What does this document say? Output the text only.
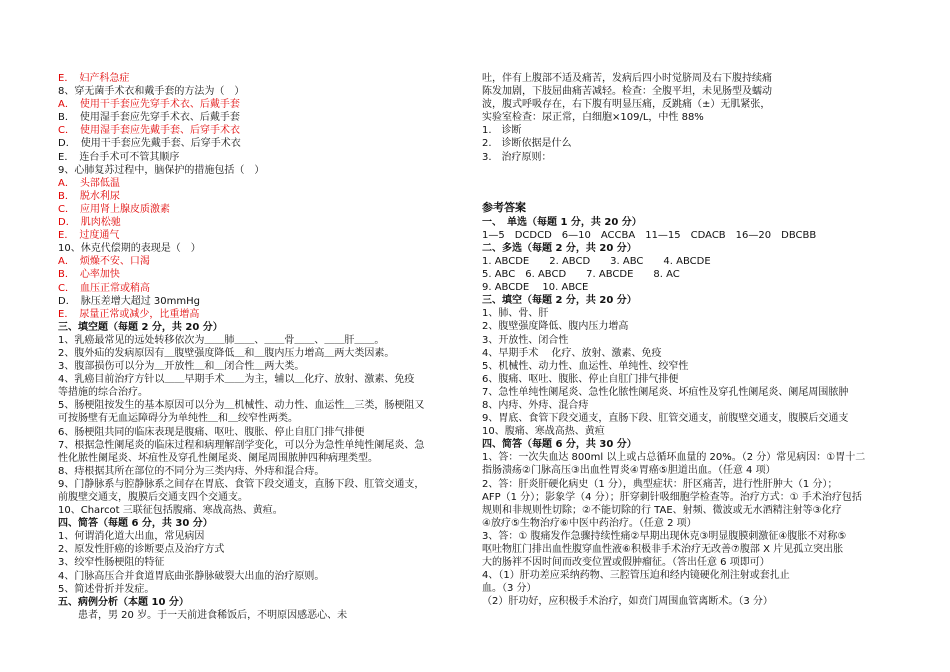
E．　妇产科急症
8、穿无菌手术衣和戴手套的方法为（　）
A．　使用干手套应先穿手术衣、后戴手套
B．　使用湿手套应先穿手术衣、后戴手套
C．　使用湿手套应先戴手套、后穿手术衣
D．　使用干手套应先戴手套、后穿手术衣
E．　连台手术可不管其顺序
9、心肺复苏过程中，脑保护的措施包括（　）
A．　头部低温
B．　脱水利尿
C．　应用肾上腺皮质激素
D．　肌肉松驰
E．　过度通气
10、休克代偿期的表现是（　）
A．　烦燥不安、口渴
B．　心率加快
C．　血压正常或稍高
D．　脉压差增大超过 30mmHg
E．　尿量正常或减少，比重增高
三、填空题（每题 2 分，共 20 分）
1、乳癌最常见的远处转移依次为＿＿肺＿＿、＿＿骨＿＿、＿＿肝＿＿。
2、腹外疝的发病原因有＿腹壁强度降低＿和＿腹内压力增高＿两大类因素。
3、腹部损伤可以分为＿开放性＿和＿闭合性＿两大类。
4、乳癌目前治疗方针以＿＿早期手术＿＿为主，辅以＿化疗、放射、激素、免疫
等措施的综合治疗。
5、肠梗阻按发生的基本原因可以分为＿机械性、动力性、血运性＿三类，肠梗阻又
可按肠壁有无血运障碍分为单纯性＿和＿绞窄性两类。
6、肠梗阻共同的临床表现是腹痛、呕吐、腹胀、停止自肛门排气排便
7、根据急性阑尾炎的临床过程和病理解剖学变化，可以分为急性单纯性阑尾炎、急
性化脓性阑尾炎、坏疽性及穿孔性阑尾炎、阑尾周围脓肿四种病理类型。
8、痔根据其所在部位的不同分为三类内痔、外痔和混合痔。
9、门静脉系与腔静脉系之间存在胃底、食管下段交通支，直肠下段、肛管交通支，
前腹壁交通支，腹膜后交通支四个交通支。
10、Charcot 三联征包括腹痛、寒战高热、黄疸。
四、简答（每题 6 分，共 30 分）
1、何谓消化道大出血，常见病因
2、原发性肝癌的诊断要点及治疗方式
3、绞窄性肠梗阻的特征
4、门脉高压合并食道胃底曲张静脉破裂大出血的治疗原则。
5、简述骨折并发症。
五、病例分析（本题 10 分）
　　患者，男 20 岁。于一天前进食稀饭后，不明原因感恶心、未
吐，伴有上腹部不适及痛苦，发病后四小时觉脐周及右下腹持续痛
陈发加剧，下肢屈曲痛苦减轻。检查：全腹平坦，未见肠型及蠕动
波，腹式呼吸存在，右下腹有明显压痛，反跳痛（±）无肌紧张，
实验室检查：尿正常，白细胞×109/L，中性 88%
1.　诊断
2.　诊断依据是什么
3.　治疗原则：
参考答案
一、　单选（每题 1 分，共 20 分）
1—5　DCDCD　6—10　ACCBA　11—15　CDACB　16—20　DBCBB
二、多选（每题 2 分，共 20 分）
1. ABCDE　　2. ABCD　　3. ABC　　4. ABCDE
5. ABC　6. ABCD　　7. ABCDE　　8. AC
9. ABCDE　 10. ABCE
三、填空（每题 2 分，共 20 分）
1、肺、骨、肝
2、腹壁强度降低、腹内压力增高
3、开放性、闭合性
4、早期手术　 化疗、放射、激素、免疫
5、机械性、动力性、血运性、单纯性、绞窄性
6、腹痛、呕吐、腹胀、停止自肛门排气排便
7、急性单纯性阑尾炎、急性化脓性阑尾炎、坏疽性及穿孔性阑尾炎、阑尾周围脓肿
8、内痔、外痔、混合痔
9、胃底、食管下段交通支，直肠下段、肛管交通支，前腹壁交通支，腹膜后交通支
10、腹痛、寒战高热、黄疸
四、简答（每题 6 分，共 30 分）
1、答：一次失血达 800ml 以上或占总循环血量的 20%。（2 分）常见病因：①胃十二
指肠溃疡②门脉高压③出血性胃炎④胃癌⑤胆道出血。（任意 4 项）
2、答：肝炎肝硬化病史（1 分），典型症状：肝区痛苦，进行性肝肿大（1 分）；
AFP（1 分）；影象学（4 分）；肝穿刺针吸细胞学检查等。治疗方式：① 手术治疗包括
规则和非规则性切除；②不能切除的行 TAE、射频、微波或无水酒精注射等③化疗
④放疗⑤生物治疗⑥中医中药治疗。（任意 2 项）
3、答：① 腹痛发作急骤持续性痛②早期出现休克③明显腹膜刺激征④腹胀不对称⑤
呕吐物肛门排出血性腹穿血性液⑥积极非手术治疗无改善⑦腹部 X 片见孤立突出胀
大的肠袢不因时间而改变位置或假肿瘤征。（答出任意 6 项即可）
4、（1）肝功差应采纳药物、三腔管压迫和经内镜硬化剂注射或套扎止
血。（3 分）
（2）肝功好，应积极手术治疗，如贲门周围血管离断术。（3 分）
